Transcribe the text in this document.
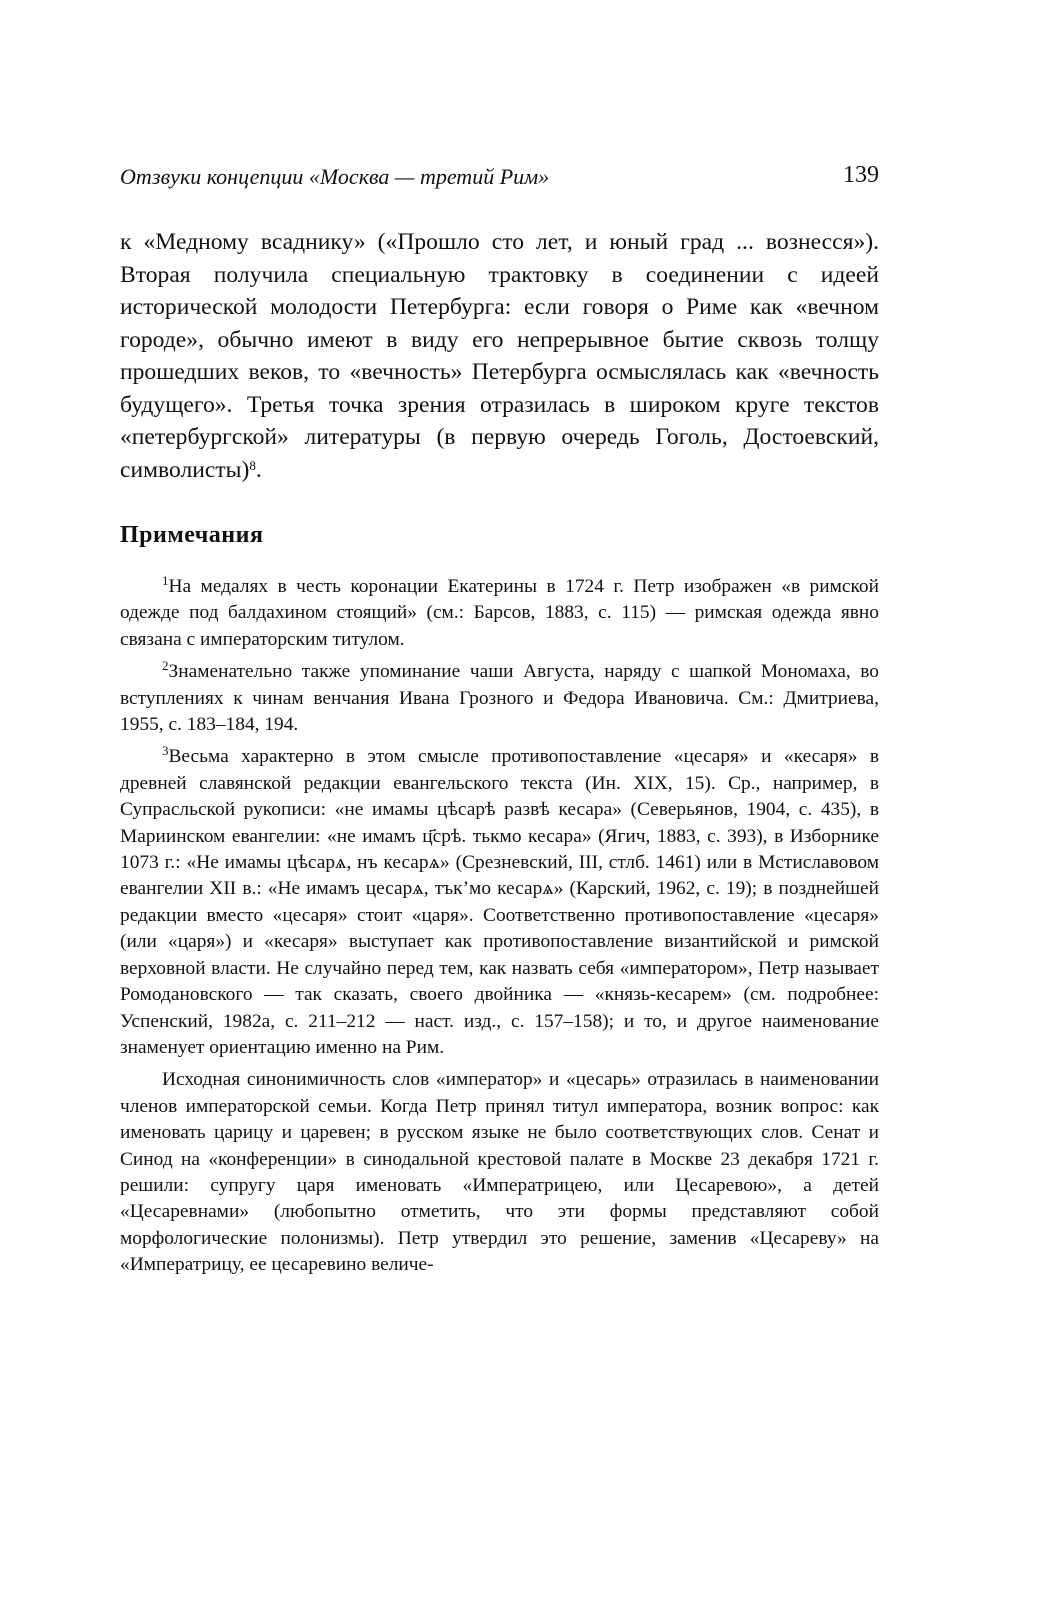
Отзвуки концепции «Москва — третий Рим»	139

к «Медному всаднику» («Прошло сто лет, и юный град ... вознесся»). Вторая получила специальную трактовку в соединении с идеей исторической молодости Петербурга: если говоря о Риме как «вечном городе», обычно имеют в виду его непрерывное бытие сквозь толщу прошедших веков, то «вечность» Петербурга осмыслялась как «вечность будущего». Третья точка зрения отразилась в широком круге текстов «петербургской» литературы (в первую очередь Гоголь, Достоевский, символисты)$^8$.

Примечания

$^1$На медалях в честь коронации Екатерины в 1724 г. Петр изображен «в римской одежде под балдахином стоящий» (см.: Барсов, 1883, с. 115) — римская одежда явно связана с императорским титулом.

$^2$Знаменательно также упоминание чаши Августа, наряду с шапкой Мономаха, во вступлениях к чинам венчания Ивана Грозного и Федора Ивановича. См.: Дмитриева, 1955, с. 183–184, 194.

$^3$Весьма характерно в этом смысле противопоставление «цесаря» и «кесаря» в древней славянской редакции евангельского текста (Ин. XIX, 15). Ср., например, в Супрасльской рукописи: «не имамы цѣсарѣ развѣ кесара» (Северьянов, 1904, с. 435), в Мариинском евангелии: «не имамъ ц҃срѣ. тькмо кесара» (Ягич, 1883, с. 393), в Изборнике 1073 г.: «Не имамы цѣсарѧ, нъ кесарѧ» (Срезневский, III, стлб. 1461) или в Мстиславовом евангелии XII в.: «Не имамъ цесарѧ, тъкʼмо кесарѧ» (Карский, 1962, с. 19); в позднейшей редакции вместо «цесаря» стоит «царя». Соответственно противопоставление «цесаря» (или «царя») и «кесаря» выступает как противопоставление византийской и римской верховной власти. Не случайно перед тем, как назвать себя «императором», Петр называет Ромодановского — так сказать, своего двойника — «князь-кесарем» (см. подробнее: Успенский, 1982а, с. 211–212 — наст. изд., с. 157–158); и то, и другое наименование знаменует ориентацию именно на Рим.

Исходная синонимичность слов «император» и «цесарь» отразилась в наименовании членов императорской семьи. Когда Петр принял титул императора, возник вопрос: как именовать царицу и царевен; в русском языке не было соответствующих слов. Сенат и Синод на «конференции» в синодальной крестовой палате в Москве 23 декабря 1721 г. решили: супругу царя именовать «Императрицею, или Цесаревою», а детей «Цесаревнами» (любопытно отметить, что эти формы представляют собой морфологические полонизмы). Петр утвердил это решение, заменив «Цесареву» на «Императрицу, ее цесаревино величе-
